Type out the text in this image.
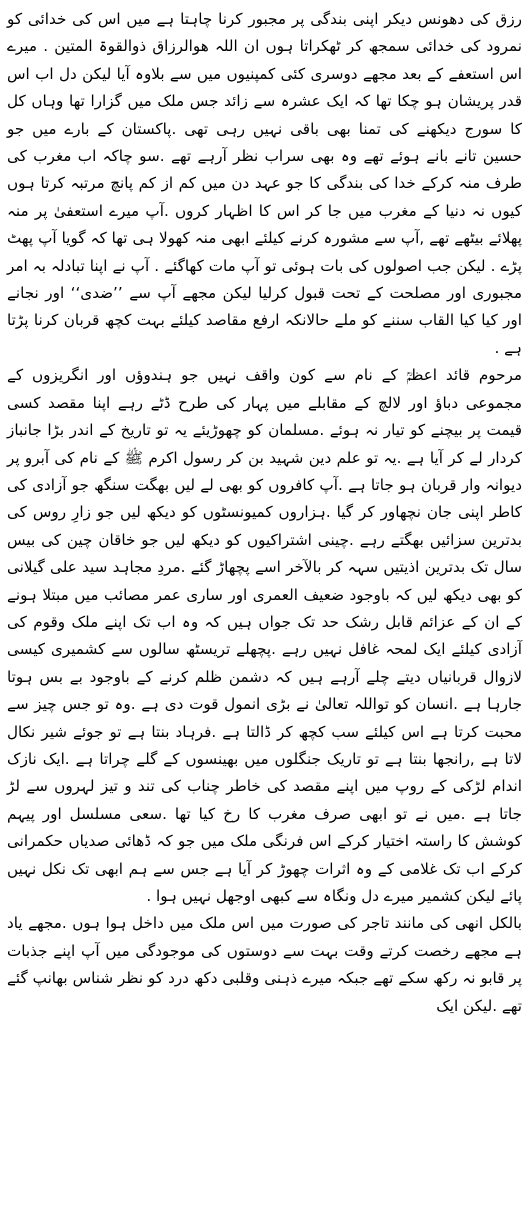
رزق کی دھونس دیکر اپنی بندگی پر مجبور کرنا چاہتا ہے میں اس کی خدائی کو نمرود کی خدائی سمجھ کر ٹھکراتا ہوں ان اللہ ھوالرزاق ذوالقوۃ المتین . میرے اس استعفے کے بعد مجھے دوسری کئی کمپنیوں میں سے بلاوہ آیا لیکن دل اب اس قدر پریشان ہو چکا تھا کہ ایک عشرہ سے زائد جس ملک میں گزارا تھا وہاں کل کا سورج دیکھنے کی تمنا بھی باقی نہیں رہی تھی .پاکستان کے بارے میں جو حسین تانے بانے ہوئے تھے وہ بھی سراب نظر آرہے تھے .سو چاکہ اب مغرب کی طرف منہ کرکے خدا کی بندگی کا جو عہد دن میں کم از کم پانچ مرتبہ کرتا ہوں کیوں نہ دنیا کے مغرب میں جا کر اس کا اظہار کروں .آپ میرے استعفیٰ پر منہ پھلائے بیٹھے تھے ,آپ سے مشورہ کرنے کیلئے ابھی منہ کھولا ہی تھا کہ گویا آپ پھٹ پڑے . لیکن جب اصولوں کی بات ہوئی تو آپ مات کھاگئے . آپ نے اپنا تبادلہ بہ امر مجبوری اور مصلحت کے تحت قبول کرلیا لیکن مجھے آپ سے ’’ضدی‘‘ اور نجانے اور کیا کیا القاب سننے کو ملے حالانکہ ارفع مقاصد کیلئے بہت کچھ قربان کرنا پڑتا ہے .

مرحوم قائد اعظمؒ کے نام سے کون واقف نہیں جو ہندوؤں اور انگریزوں کے مجموعی دباؤ اور لالچ کے مقابلے میں پہار کی طرح ڈٹے رہے اپنا مقصد کسی قیمت پر بیچنے کو تیار نہ ہوئے .مسلمان کو چھوڑیئے یہ تو تاریخ کے اندر بڑا جانباز کردار لے کر آیا ہے .یہ تو علم دین شہید بن کر رسول اکرم ﷺ کے نام کی آبرو پر دیوانہ وار قربان ہو جاتا ہے .آپ کافروں کو بھی لے لیں بھگت سنگھ جو آزادی کی کاطر اپنی جان نچھاور کر گیا .ہزاروں کمیونسٹوں کو دیکھ لیں جو زارِ روس کی بدترین سزائیں بھگتے رہے .چینی اشتراکیوں کو دیکھ لیں جو خاقان چین کی بیس سال تک بدترین اذیتیں سہہ کر بالآخر اسے پچھاڑ گئے .مردِ مجاہد سید علی گیلانی کو بھی دیکھ لیں کہ باوجود ضعیف العمری اور ساری عمر مصائب میں مبتلا ہونے کے ان کے عزائم قابل رشک حد تک جواں ہیں کہ وہ اب تک اپنے ملک وقوم کی آزادی کیلئے ایک لمحہ غافل نہیں رہے .پچھلے تریسٹھ سالوں سے کشمیری کیسی لازوال قربانیاں دیتے چلے آرہے ہیں کہ دشمن ظلم کرنے کے باوجود بے بس ہوتا جارہا ہے .انسان کو تواللہ تعالیٰ نے بڑی انمول قوت دی ہے .وہ تو جس چیز سے محبت کرتا ہے اس کیلئے سب کچھ کر ڈالتا ہے .فرہاد بنتا ہے تو جوئے شیر نکال لاتا ہے ,رانجھا بنتا ہے تو تاریک جنگلوں میں بھینسوں کے گلے چراتا ہے .ایک نازک اندام لڑکی کے روپ میں اپنے مقصد کی خاطر چناب کی تند و تیز لہروں سے لڑ جاتا ہے .میں نے تو ابھی صرف مغرب کا رخ کیا تھا .سعی مسلسل اور پیہم کوشش کا راستہ اختیار کرکے اس فرنگی ملک میں جو کہ ڈھائی صدیاں حکمرانی کرکے اب تک غلامی کے وہ اثرات چھوڑ کر آیا ہے جس سے ہم ابھی تک نکل نہیں پائے لیکن کشمیر میرے دل ونگاہ سے کبھی اوجھل نہیں ہوا .

بالکل انھی کی مانند تاجر کی صورت میں اس ملک میں داخل ہوا ہوں .مجھے یاد ہے مجھے رخصت کرتے وقت بہت سے دوستوں کی موجودگی میں آپ اپنے جذبات پر قابو نہ رکھ سکے تھے جبکہ میرے ذہنی وقلبی دکھ درد کو نظر شناس بھانپ گئے تھے .لیکن ایک
